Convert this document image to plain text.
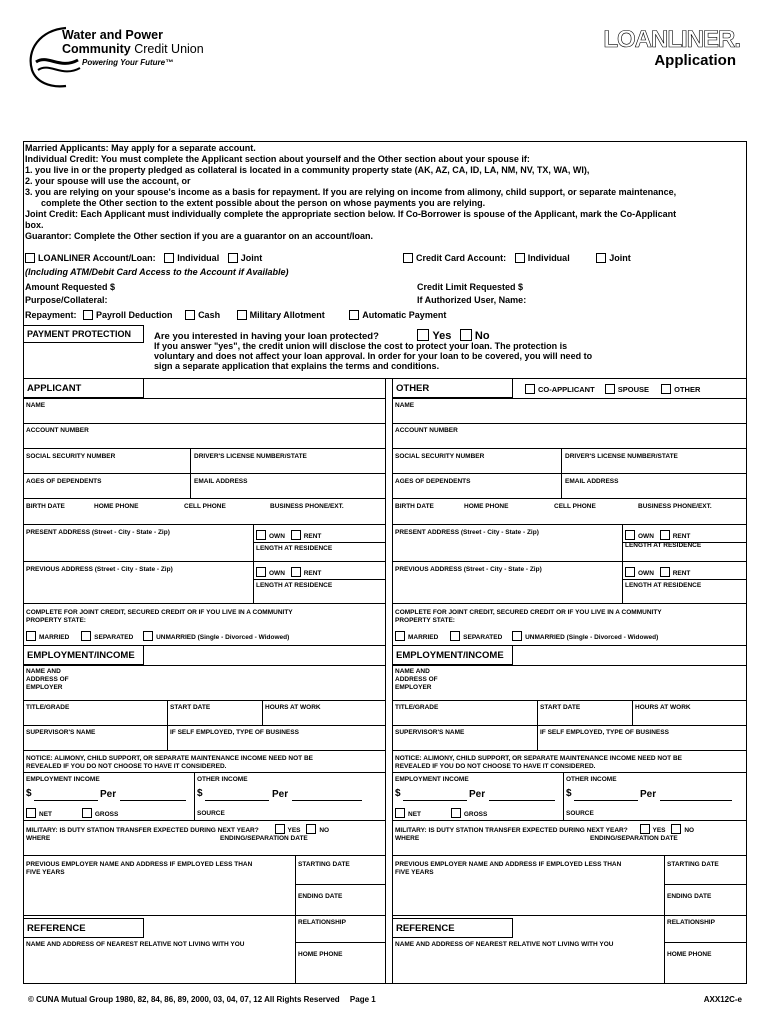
Water and Power
Community Credit Union
Powering Your Future™
LOANLINER.
Application
Married Applicants: May apply for a separate account.
Individual Credit: You must complete the Applicant section about yourself and the Other section about your spouse if:
1. you live in or the property pledged as collateral is located in a community property state (AK, AZ, CA, ID, LA, NM, NV, TX, WA, WI),
2. your spouse will use the account, or
3. you are relying on your spouse's income as a basis for repayment. If you are relying on income from alimony, child support, or separate maintenance,
complete the Other section to the extent possible about the person on whose payments you are relying.
Joint Credit: Each Applicant must individually complete the appropriate section below. If Co-Borrower is spouse of the Applicant, mark the Co-Applicant
box.
Guarantor: Complete the Other section if you are a guarantor on an account/loan.
LOANLINER Account/Loan: Individual Joint	Credit Card Account: Individual	Joint
(Including ATM/Debit Card Access to the Account if Available)
Amount Requested $	Credit Limit Requested $
Purpose/Collateral:	If Authorized User, Name:
Repayment: Payroll Deduction	Cash	Military Allotment	Automatic Payment
PAYMENT PROTECTION	Are you interested in having your loan protected?	Yes No
If you answer "yes", the credit union will disclose the cost to protect your loan. The protection is
voluntary and does not affect your loan approval. In order for your loan to be covered, you will need to
sign a separate application that explains the terms and conditions.
APPLICANT
NAME
ACCOUNT NUMBER
SOCIAL SECURITY NUMBER	DRIVER'S LICENSE NUMBER/STATE
AGES OF DEPENDENTS	EMAIL ADDRESS
BIRTH DATE	HOME PHONE	CELL PHONE	BUSINESS PHONE/EXT.
PRESENT ADDRESS (Street - City - State - Zip)
OWN	RENT
LENGTH AT RESIDENCE
PREVIOUS ADDRESS (Street - City - State - Zip)
OWN	RENT
LENGTH AT RESIDENCE
COMPLETE FOR JOINT CREDIT, SECURED CREDIT OR IF YOU LIVE IN A COMMUNITY
PROPERTY STATE:
MARRIED	SEPARATED	UNMARRIED (Single - Divorced - Widowed)
EMPLOYMENT/INCOME
NAME AND
ADDRESS OF
EMPLOYER
TITLE/GRADE	START DATE	HOURS AT WORK
SUPERVISOR'S NAME	IF SELF EMPLOYED, TYPE OF BUSINESS
NOTICE: ALIMONY, CHILD SUPPORT, OR SEPARATE MAINTENANCE INCOME NEED NOT BE
REVEALED IF YOU DO NOT CHOOSE TO HAVE IT CONSIDERED.
EMPLOYMENT INCOME	OTHER INCOME
$	Per	$	Per
NET	GROSS	SOURCE
MILITARY: IS DUTY STATION TRANSFER EXPECTED DURING NEXT YEAR?	YES	NO
WHERE	ENDING/SEPARATION DATE
PREVIOUS EMPLOYER NAME AND ADDRESS IF EMPLOYED LESS THAN
FIVE YEARS
STARTING DATE
ENDING DATE
REFERENCE
RELATIONSHIP
NAME AND ADDRESS OF NEAREST RELATIVE NOT LIVING WITH YOU
HOME PHONE
OTHER	CO-APPLICANT	SPOUSE	OTHER
NAME
ACCOUNT NUMBER
SOCIAL SECURITY NUMBER	DRIVER'S LICENSE NUMBER/STATE
AGES OF DEPENDENTS	EMAIL ADDRESS
BIRTH DATE	HOME PHONE	CELL PHONE	BUSINESS PHONE/EXT.
PRESENT ADDRESS (Street - City - State - Zip)
OWN	RENT
LENGTH AT RESIDENCE
PREVIOUS ADDRESS (Street - City - State - Zip)
OWN	RENT
LENGTH AT RESIDENCE
COMPLETE FOR JOINT CREDIT, SECURED CREDIT OR IF YOU LIVE IN A COMMUNITY
PROPERTY STATE:
MARRIED	SEPARATED	UNMARRIED (Single - Divorced - Widowed)
EMPLOYMENT/INCOME
NAME AND
ADDRESS OF
EMPLOYER
TITLE/GRADE	START DATE	HOURS AT WORK
SUPERVISOR'S NAME	IF SELF EMPLOYED, TYPE OF BUSINESS
NOTICE: ALIMONY, CHILD SUPPORT, OR SEPARATE MAINTENANCE INCOME NEED NOT BE
REVEALED IF YOU DO NOT CHOOSE TO HAVE IT CONSIDERED.
EMPLOYMENT INCOME	OTHER INCOME
$	Per	$	Per
NET	GROSS	SOURCE
MILITARY: IS DUTY STATION TRANSFER EXPECTED DURING NEXT YEAR?	YES	NO
WHERE	ENDING/SEPARATION DATE
PREVIOUS EMPLOYER NAME AND ADDRESS IF EMPLOYED LESS THAN
FIVE YEARS
STARTING DATE
ENDING DATE
REFERENCE
RELATIONSHIP
NAME AND ADDRESS OF NEAREST RELATIVE NOT LIVING WITH YOU
HOME PHONE
© CUNA Mutual Group 1980, 82, 84, 86, 89, 2000, 03, 04, 07, 12 All Rights Reserved Page 1	AXX12C-e
